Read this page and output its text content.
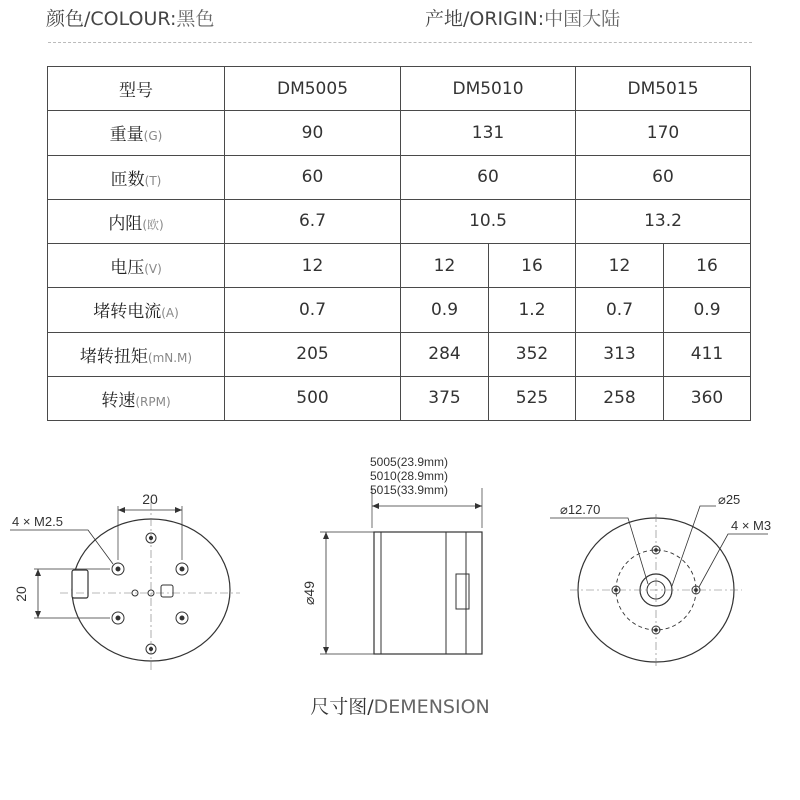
颜色/COLOUR:黑色	产地/ORIGIN:中国大陆
型号	DM5005	DM5010		DM5015	
重量(G)	90	131		170	
匝数(T)	60	60		60	
内阻(欧)	6.7	10.5		13.2	
电压(V)	12	12	16	12	16
堵转电流(A)	0.7	0.9	1.2	0.7	0.9
堵转扭矩(mN.M)	205	284	352	313	411
转速(RPM)	500	375	525	258	360
20
20
4 × M2.5
5005(23.9mm)
5010(28.9mm)
5015(33.9mm)
⌀49
⌀12.70
⌀25
4 × M3
尺寸图/DEMENSION
